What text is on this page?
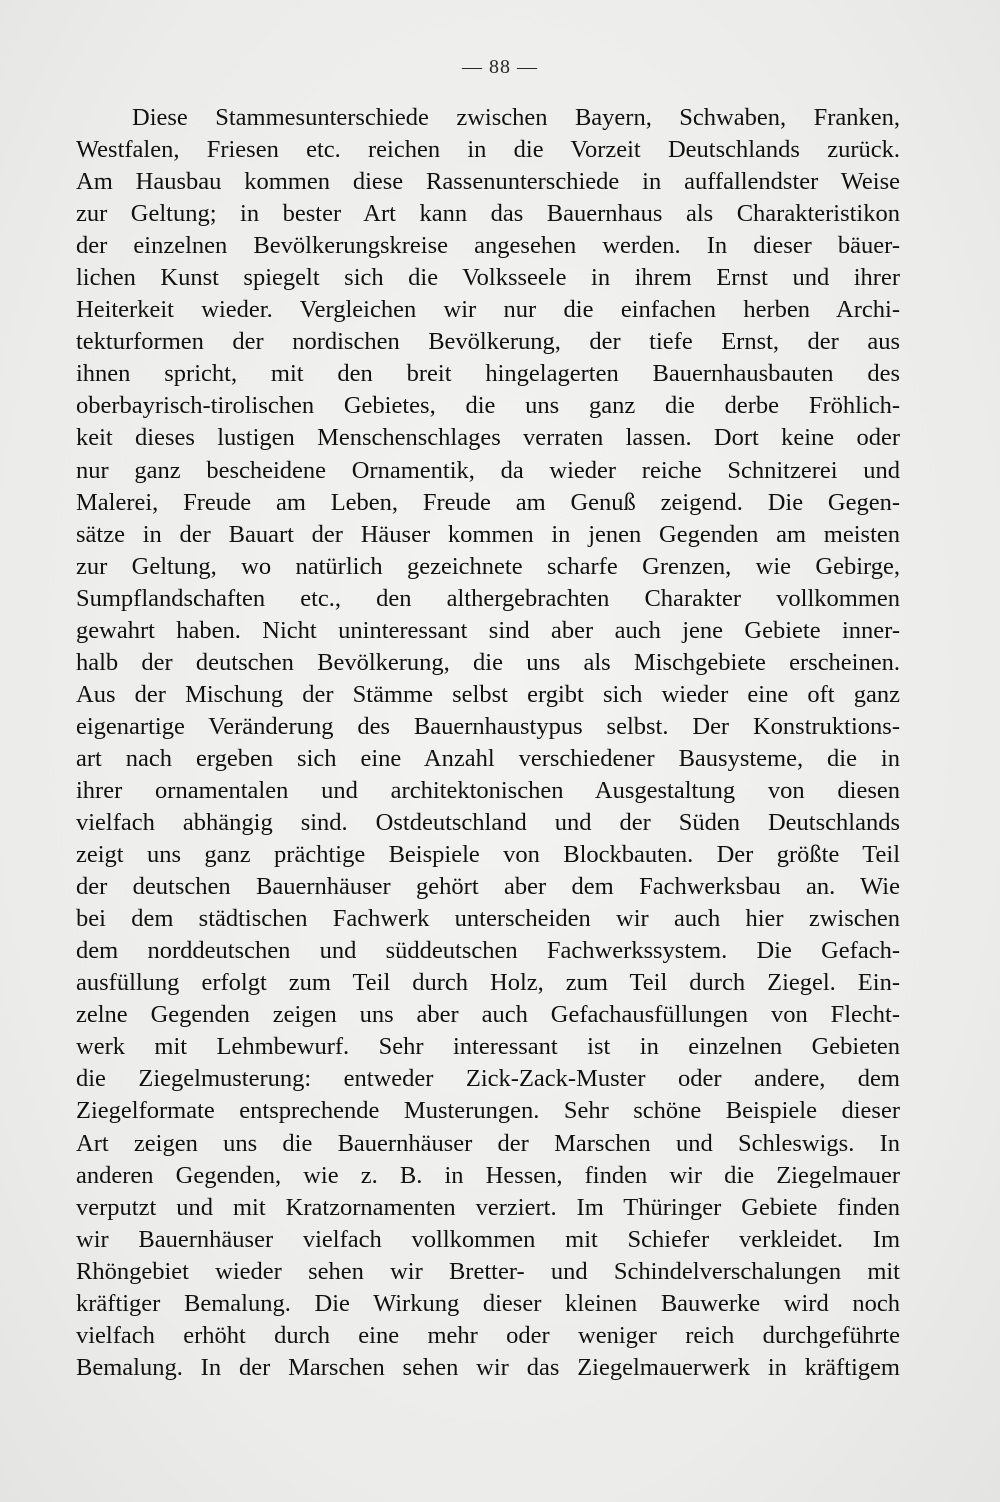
— 88 —
Diese Stammesunterschiede zwischen Bayern, Schwaben, Franken,
Westfalen, Friesen etc. reichen in die Vorzeit Deutschlands zurück.
Am Hausbau kommen diese Rassenunterschiede in auffallendster Weise
zur Geltung; in bester Art kann das Bauernhaus als Charakteristikon
der einzelnen Bevölkerungskreise angesehen werden. In dieser bäuer-
lichen Kunst spiegelt sich die Volksseele in ihrem Ernst und ihrer
Heiterkeit wieder. Vergleichen wir nur die einfachen herben Archi-
tekturformen der nordischen Bevölkerung, der tiefe Ernst, der aus
ihnen spricht, mit den breit hingelagerten Bauernhausbauten des
oberbayrisch-tirolischen Gebietes, die uns ganz die derbe Fröhlich-
keit dieses lustigen Menschenschlages verraten lassen. Dort keine oder
nur ganz bescheidene Ornamentik, da wieder reiche Schnitzerei und
Malerei, Freude am Leben, Freude am Genuß zeigend. Die Gegen-
sätze in der Bauart der Häuser kommen in jenen Gegenden am meisten
zur Geltung, wo natürlich gezeichnete scharfe Grenzen, wie Gebirge,
Sumpflandschaften etc., den althergebrachten Charakter vollkommen
gewahrt haben. Nicht uninteressant sind aber auch jene Gebiete inner-
halb der deutschen Bevölkerung, die uns als Mischgebiete erscheinen.
Aus der Mischung der Stämme selbst ergibt sich wieder eine oft ganz
eigenartige Veränderung des Bauernhaustypus selbst. Der Konstruktions-
art nach ergeben sich eine Anzahl verschiedener Bausysteme, die in
ihrer ornamentalen und architektonischen Ausgestaltung von diesen
vielfach abhängig sind. Ostdeutschland und der Süden Deutschlands
zeigt uns ganz prächtige Beispiele von Blockbauten. Der größte Teil
der deutschen Bauernhäuser gehört aber dem Fachwerksbau an. Wie
bei dem städtischen Fachwerk unterscheiden wir auch hier zwischen
dem norddeutschen und süddeutschen Fachwerkssystem. Die Gefach-
ausfüllung erfolgt zum Teil durch Holz, zum Teil durch Ziegel. Ein-
zelne Gegenden zeigen uns aber auch Gefachausfüllungen von Flecht-
werk mit Lehmbewurf. Sehr interessant ist in einzelnen Gebieten
die Ziegelmusterung: entweder Zick-Zack-Muster oder andere, dem
Ziegelformate entsprechende Musterungen. Sehr schöne Beispiele dieser
Art zeigen uns die Bauernhäuser der Marschen und Schleswigs. In
anderen Gegenden, wie z. B. in Hessen, finden wir die Ziegelmauer
verputzt und mit Kratzornamenten verziert. Im Thüringer Gebiete finden
wir Bauernhäuser vielfach vollkommen mit Schiefer verkleidet. Im
Rhöngebiet wieder sehen wir Bretter- und Schindelverschalungen mit
kräftiger Bemalung. Die Wirkung dieser kleinen Bauwerke wird noch
vielfach erhöht durch eine mehr oder weniger reich durchgeführte
Bemalung. In der Marschen sehen wir das Ziegelmauerwerk in kräftigem
